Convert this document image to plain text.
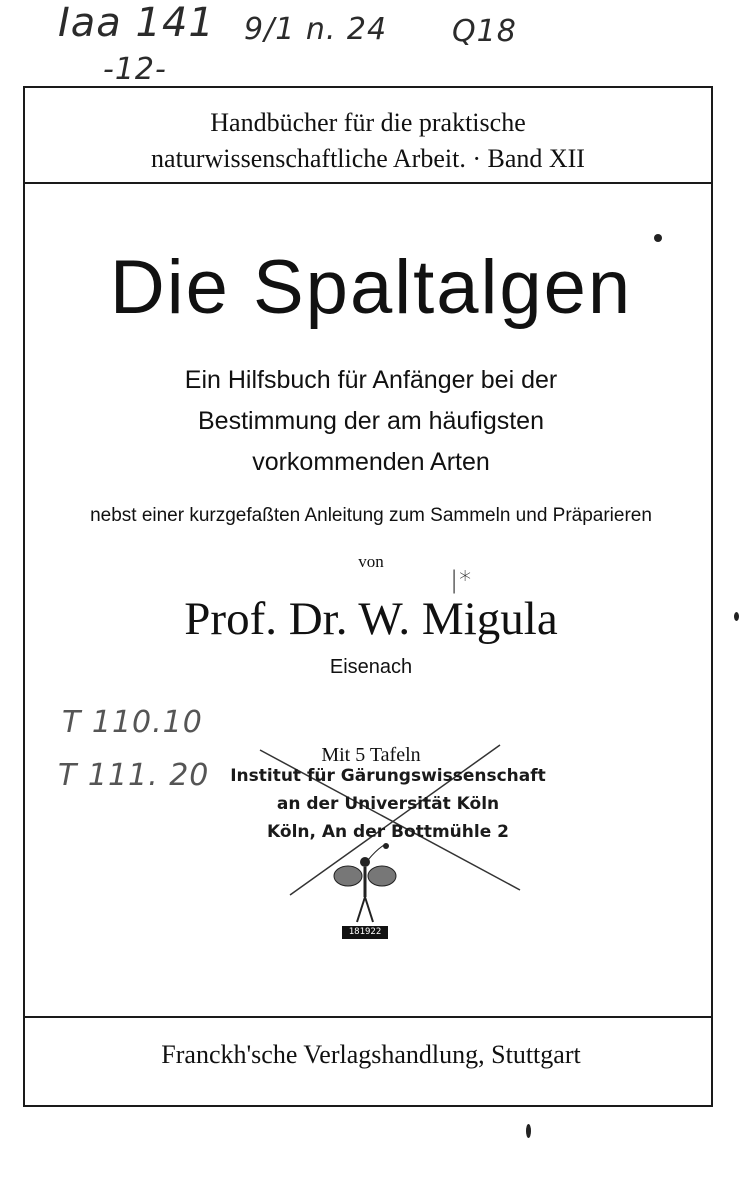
Iaa 141 9/1 n. 24 Q18
-12-
T 110.10
T 111. 20
|*
Handbücher für die praktische
naturwissenschaftliche Arbeit. · Band XII
Die Spaltalgen
Ein Hilfsbuch für Anfänger bei der
Bestimmung der am häufigsten
vorkommenden Arten
nebst einer kurzgefaßten Anleitung zum Sammeln und Präparieren
von
Prof. Dr. W. Migula
Eisenach
Mit 5 Tafeln
Institut für Gärungswissenschaft
an der Universität Köln
Köln, An der Bottmühle 2
181922
Franckh'sche Verlagshandlung, Stuttgart
